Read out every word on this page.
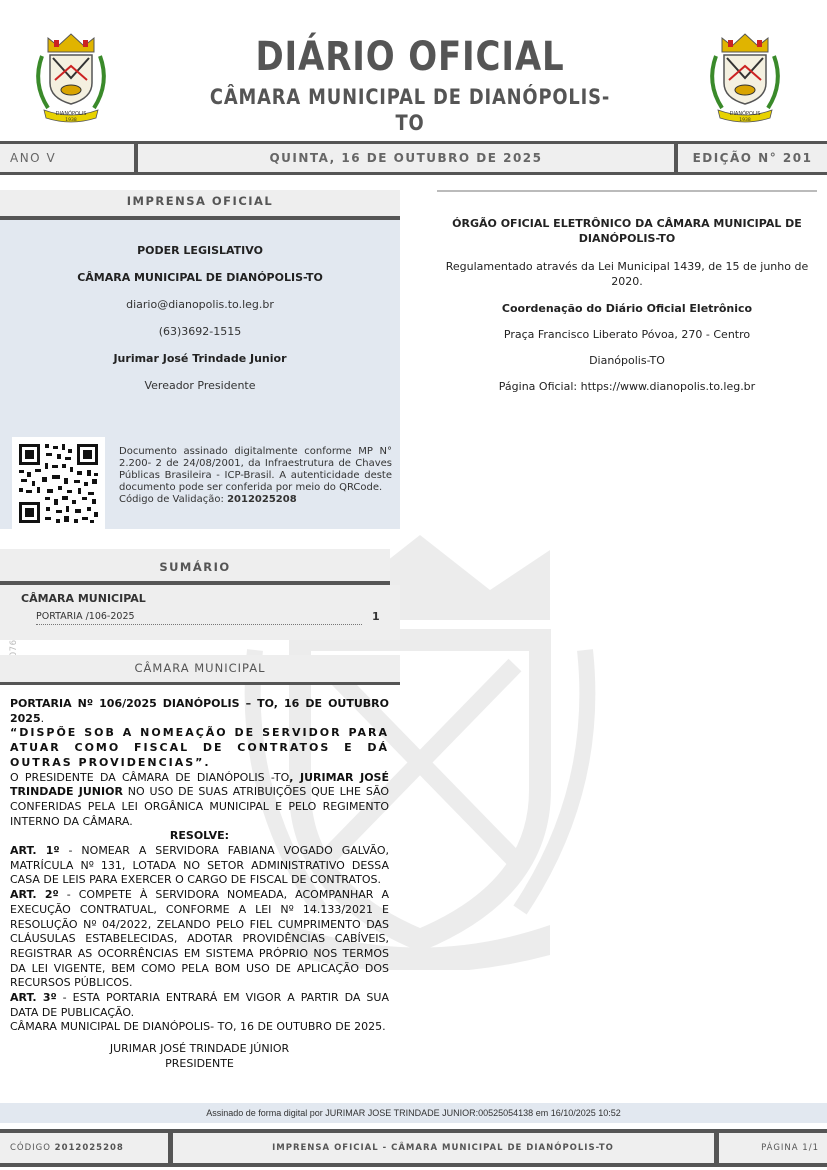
DIANÓPOLIS
1938
DIANÓPOLIS
1938
DIÁRIO OFICIAL
CÂMARA MUNICIPAL DE DIANÓPOLIS-TO
ANO V	QUINTA, 16 DE OUTUBRO DE 2025	EDIÇÃO N° 201
IMPRENSA OFICIAL

PODER LEGISLATIVO

CÂMARA MUNICIPAL DE DIANÓPOLIS-TO

diario@dianopolis.to.leg.br

(63)3692-1515

Jurimar José Trindade Junior

Vereador Presidente

Documento assinado digitalmente conforme MP N° 2.200- 2 de 24/08/2001, da Infraestrutura de Chaves Públicas Brasileira - ICP-Brasil. A autenticidade deste documento pode ser conferida por meio do QRCode.
Código de Validação: 2012025208
SUMÁRIO
CÂMARA MUNICIPAL
PORTARIA /106-2025	1
CÂMARA MUNICIPAL

PORTARIA Nº 106/2025 DIANÓPOLIS – TO, 16 DE OUTUBRO 2025.

“DISPÕE SOB A NOMEAÇÃO DE SERVIDOR PARA ATUAR COMO FISCAL DE CONTRATOS E DÁ OUTRAS PROVIDENCIAS”.

O PRESIDENTE DA CÂMARA DE DIANÓPOLIS -TO, JURIMAR JOSÉ TRINDADE JUNIOR NO USO DE SUAS ATRIBUIÇÕES QUE LHE SÃO CONFERIDAS PELA LEI ORGÂNICA MUNICIPAL E PELO REGIMENTO INTERNO DA CÂMARA.

RESOLVE:

ART. 1º - NOMEAR A SERVIDORA FABIANA VOGADO GALVÃO, MATRÍCULA Nº 131, LOTADA NO SETOR ADMINISTRATIVO DESSA CASA DE LEIS PARA EXERCER O CARGO DE FISCAL DE CONTRATOS.

ART. 2º - COMPETE À SERVIDORA NOMEADA, ACOMPANHAR A EXECUÇÃO CONTRATUAL, CONFORME A LEI Nº 14.133/2021 E RESOLUÇÃO Nº 04/2022, ZELANDO PELO FIEL CUMPRIMENTO DAS CLÁUSULAS ESTABELECIDAS, ADOTAR PROVIDÊNCIAS CABÍVEIS, REGISTRAR AS OCORRÊNCIAS EM SISTEMA PRÓPRIO NOS TERMOS DA LEI VIGENTE, BEM COMO PELA BOM USO DE APLICAÇÃO DOS RECURSOS PÚBLICOS.

ART. 3º - ESTA PORTARIA ENTRARÁ EM VIGOR A PARTIR DA SUA DATA DE PUBLICAÇÃO.

CÂMARA MUNICIPAL DE DIANÓPOLIS- TO, 16 DE OUTUBRO DE 2025.

JURIMAR JOSÉ TRINDADE JÚNIOR

PRESIDENTE

ÓRGÃO OFICIAL ELETRÔNICO DA CÂMARA MUNICIPAL DE DIANÓPOLIS-TO

Regulamentado através da Lei Municipal 1439, de 15 de junho de 2020.

Coordenação do Diário Oficial Eletrônico

Praça Francisco Liberato Póvoa, 270 - Centro

Dianópolis-TO

Página Oficial: https://www.dianopolis.to.leg.br

Assinado de forma digital por JURIMAR JOSE TRINDADE JUNIOR:00525054138 em 16/10/2025 10:52
CÓDIGO 2012025208	IMPRENSA OFICIAL - CÂMARA MUNICIPAL DE DIANÓPOLIS-TO	PÁGINA 1/1
